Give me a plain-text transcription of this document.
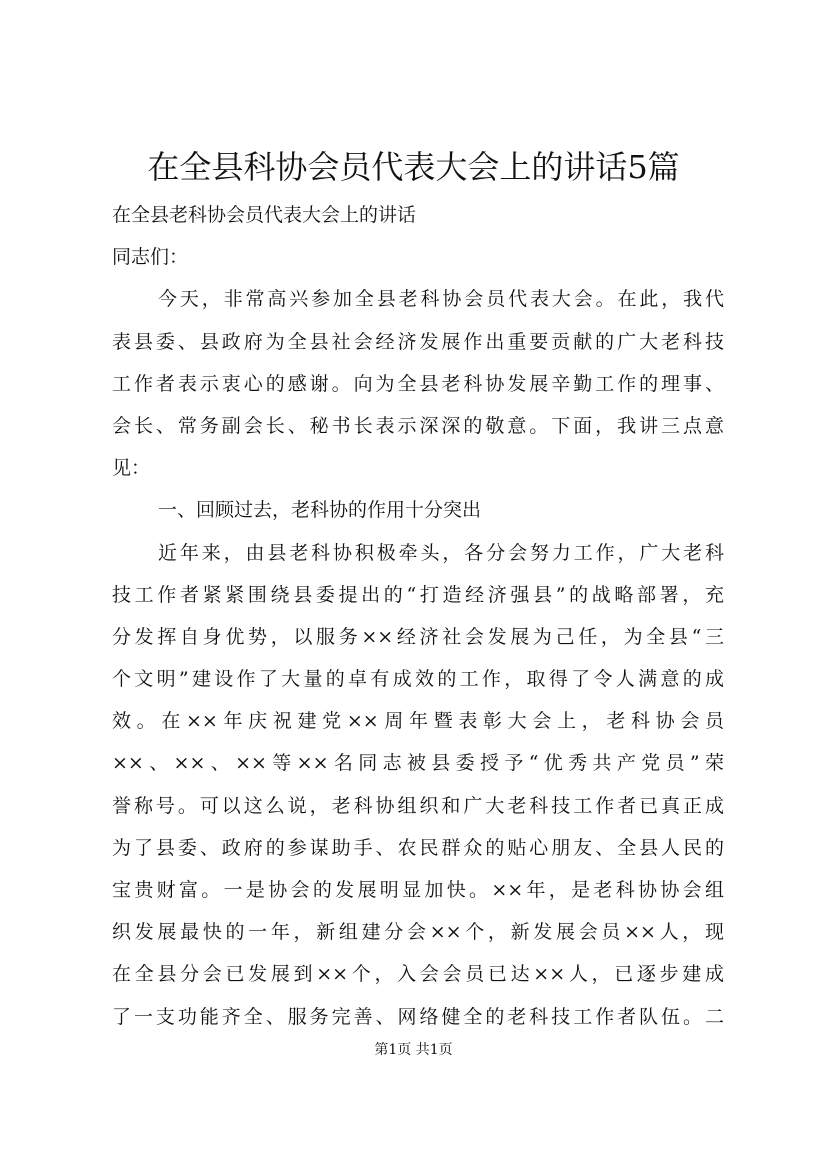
在全县科协会员代表大会上的讲话5篇
在全县老科协会员代表大会上的讲话
同志们：
今天，非常高兴参加全县老科协会员代表大会。在此，我代
表县委、县政府为全县社会经济发展作出重要贡献的广大老科技
工作者表示衷心的感谢。向为全县老科协发展辛勤工作的理事、
会长、常务副会长、秘书长表示深深的敬意。下面，我讲三点意
见：
一、回顾过去，老科协的作用十分突出
近年来，由县老科协积极牵头，各分会努力工作，广大老科
技工作者紧紧围绕县委提出的“打造经济强县”的战略部署，充
分发挥自身优势，以服务××经济社会发展为己任，为全县“三
个文明”建设作了大量的卓有成效的工作，取得了令人满意的成
效。在××年庆祝建党××周年暨表彰大会上，老科协会员
××、××、××等××名同志被县委授予“优秀共产党员”荣
誉称号。可以这么说，老科协组织和广大老科技工作者已真正成
为了县委、政府的参谋助手、农民群众的贴心朋友、全县人民的
宝贵财富。一是协会的发展明显加快。××年，是老科协协会组
织发展最快的一年，新组建分会××个，新发展会员××人，现
在全县分会已发展到××个，入会会员已达××人，已逐步建成
了一支功能齐全、服务完善、网络健全的老科技工作者队伍。二
第1页 共1页
